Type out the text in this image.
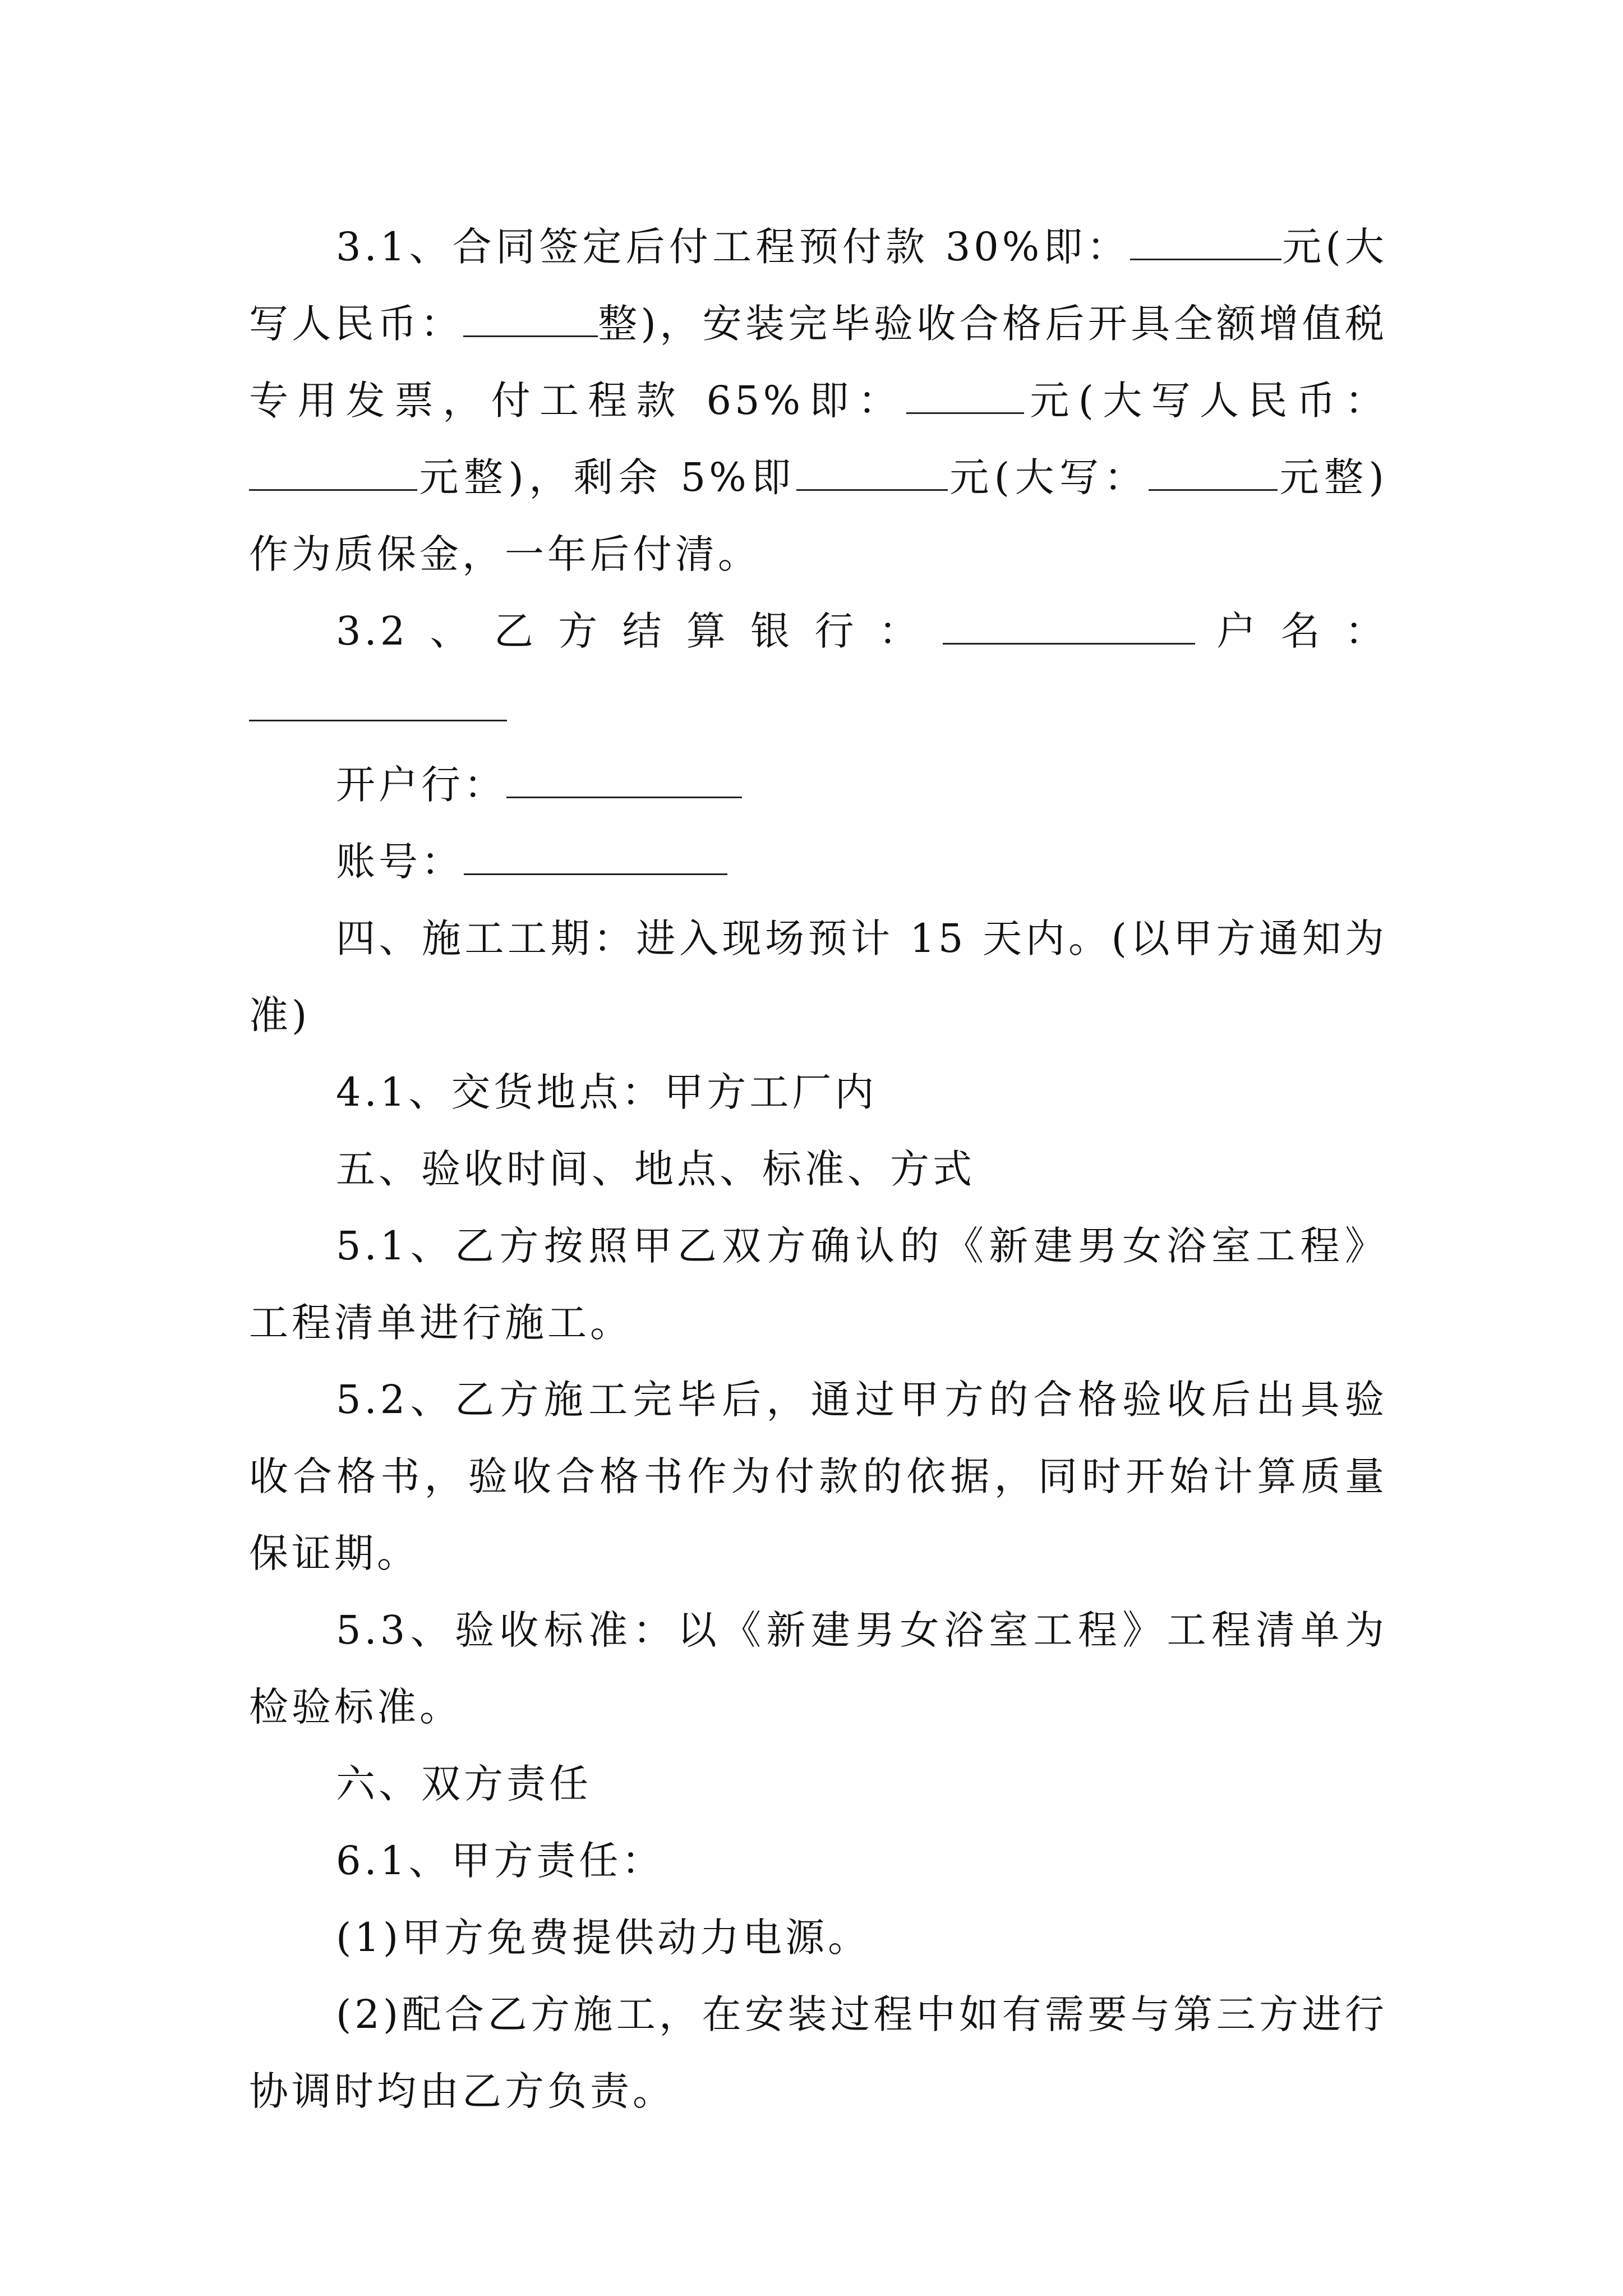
3.1、合同签定后付工程预付款 30%即：	元(大写人民币：	整)，安装完毕验收合格后开具全额增值税专用发票，付工程款 65%即：	元(大写人民币：元整)，剩余 5%即	元(大写：	元整)作为质保金，一年后付清。

3.2、乙方结算银行：	户名：

开户行：

账号：

四、施工工期：进入现场预计 15 天内。(以甲方通知为准)

4.1、交货地点：甲方工厂内

五、验收时间、地点、标准、方式

5.1、乙方按照甲乙双方确认的《新建男女浴室工程》工程清单进行施工。

5.2、乙方施工完毕后，通过甲方的合格验收后出具验收合格书，验收合格书作为付款的依据，同时开始计算质量保证期。

5.3、验收标准：以《新建男女浴室工程》工程清单为检验标准。

六、双方责任

6.1、甲方责任：

(1)甲方免费提供动力电源。

(2)配合乙方施工，在安装过程中如有需要与第三方进行协调时均由乙方负责。
